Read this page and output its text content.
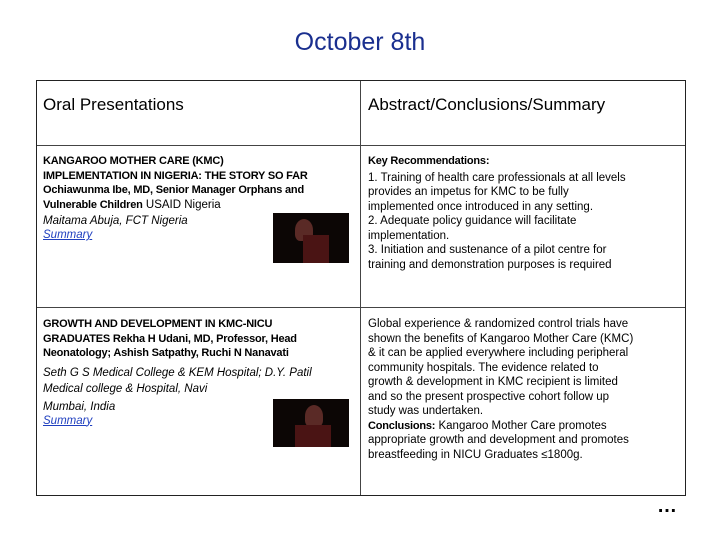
October 8th
Oral Presentations	Abstract/Conclusions/Summary
KANGAROO MOTHER CARE (KMC)
IMPLEMENTATION IN NIGERIA: THE STORY SO FAR
Ochiawunma Ibe, MD, Senior Manager Orphans and
Vulnerable Children USAID Nigeria
Maitama Abuja, FCT Nigeria
Summary
Key Recommendations:
1. Training of health care professionals at all levels
provides an impetus for KMC to be fully
implemented once introduced in any setting.
2. Adequate policy guidance will facilitate
implementation.
3. Initiation and sustenance of a pilot centre for
training and demonstration purposes is required
GROWTH AND DEVELOPMENT IN KMC-NICU
GRADUATES Rekha H Udani, MD, Professor, Head
Neonatology; Ashish Satpathy, Ruchi N Nanavati
Seth G S Medical College & KEM Hospital; D.Y. Patil
Medical college & Hospital, Navi
Mumbai, India
Summary
Global experience & randomized control trials have
shown the benefits of Kangaroo Mother Care (KMC)
& it can be applied everywhere including peripheral
community hospitals. The evidence related to
growth & development in KMC recipient is limited
and so the present prospective cohort follow up
study was undertaken.
Conclusions: Kangaroo Mother Care promotes
appropriate growth and development and promotes
breastfeeding in NICU Graduates ≤1800g.
…
